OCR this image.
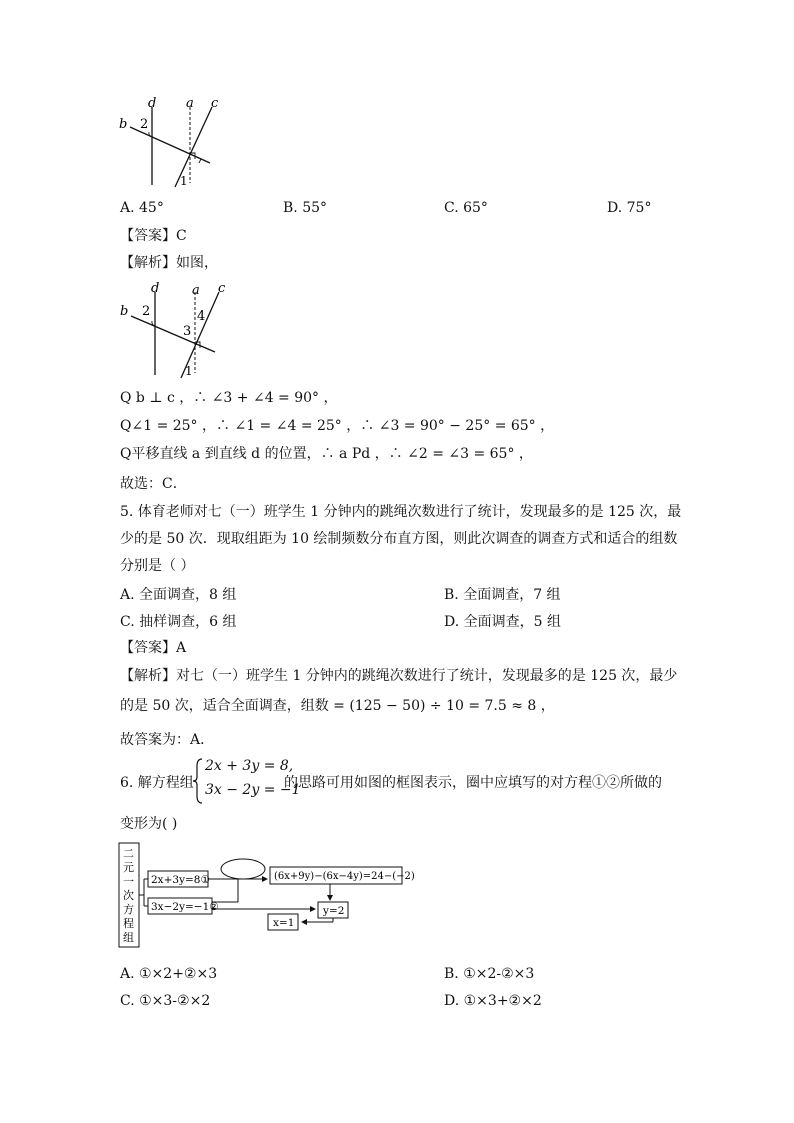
d a c
b 2
1
A. 45°	B. 55°	C. 65°	D. 75°
【答案】C
【解析】如图，
d	a c
b 2
3
4
1
Q b ⊥ c ，∴ ∠3 + ∠4 = 90° ，
Q∠1 = 25° ，∴ ∠1 = ∠4 = 25° ，∴ ∠3 = 90° − 25° = 65° ，
Q平移直线 a 到直线 d 的位置，∴ a Pd ，∴ ∠2 = ∠3 = 65° ，
故选：C．
5. 体育老师对七（一）班学生 1 分钟内的跳绳次数进行了统计，发现最多的是 125 次，最
少的是 50 次．现取组距为 10 绘制频数分布直方图，则此次调查的调查方式和适合的组数
分别是（ ）
A. 全面调查，8 组	B. 全面调查，7 组
C. 抽样调查，6 组	D. 全面调查，5 组
【答案】A
【解析】对七（一）班学生 1 分钟内的跳绳次数进行了统计，发现最多的是 125 次，最少
的是 50 次，适合全面调查，组数 = (125 − 50) ÷ 10 = 7.5 ≈ 8 ，
故答案为：A．
6. 解方程组
2x + 3y = 8,
3x − 2y = −1
的思路可用如图的框图表示，圈中应填写的对方程①②所做的
变形为( )
二
元
一
次
方
程
组
2x+3y=8①
3x−2y=−1②
(6x+9y)−(6x−4y)=24−(−2)
y=2
x=1
A. ①×2+②×3	B. ①×2-②×3
C. ①×3-②×2	D. ①×3+②×2
